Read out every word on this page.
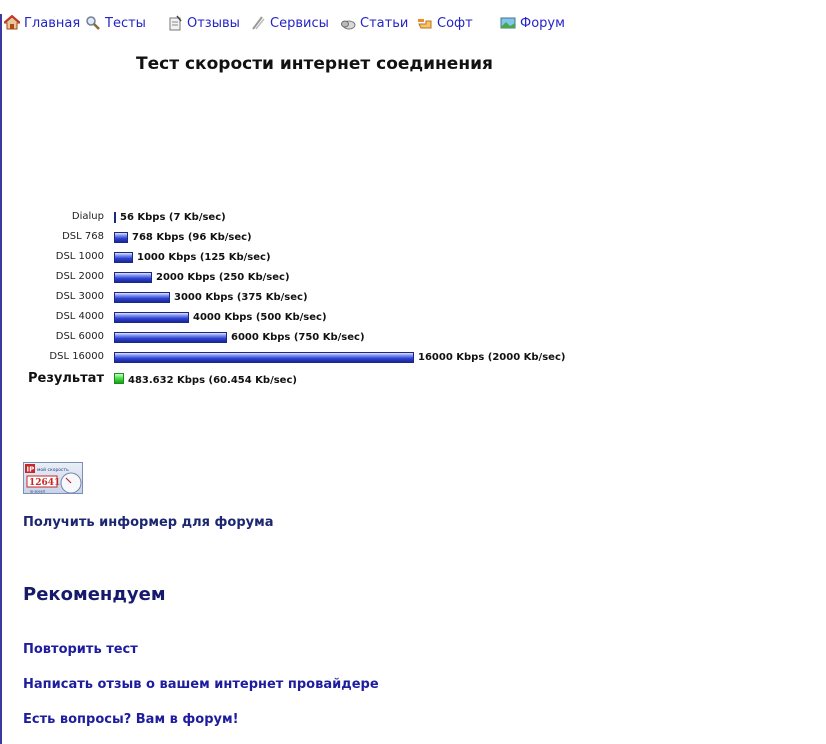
Главная Тесты	Отзывы Сервисы Статьи Софт	Форум
Тест скорости интернет соединения
Dialup 56 Kbps (7 Kb/sec)
DSL 768	768 Kbps (96 Kb/sec)
DSL 1000	1000 Kbps (125 Kb/sec)
DSL 2000	2000 Kbps (250 Kb/sec)
DSL 3000	3000 Kbps (375 Kb/sec)
DSL 4000	4000 Kbps (500 Kb/sec)
DSL 6000	6000 Kbps (750 Kb/sec)
DSL 16000	16000 Kbps (2000 Kb/sec)
Результат 483.632 Kbps (60.454 Kb/sec)
IP мой скорость
12641
ip-speed
Получить информер для форума
Рекомендуем
Повторить тест
Написать отзыв о вашем интернет провайдере
Есть вопросы? Вам в форум!
